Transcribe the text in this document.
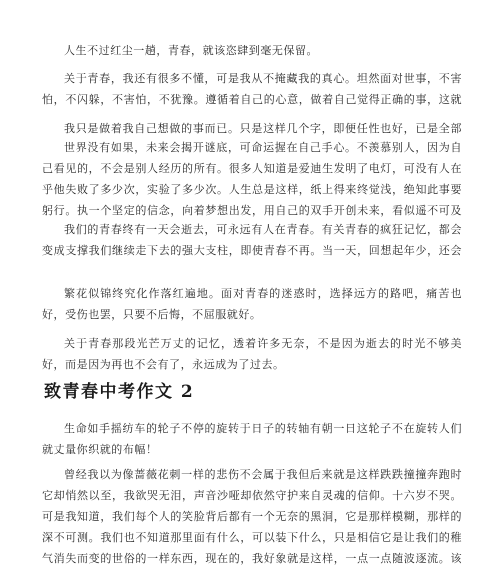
人生不过红尘一趟，青春，就该恣肆到毫无保留。

关于青春，我还有很多不懂，可是我从不掩藏我的真心。坦然面对世事，不害怕，不闪躲，不害怕，不犹豫。遵循着自己的心意，做着自己觉得正确的事，这就

我只是做着我自己想做的事而已。只是这样几个字，即便任性也好，已是全部

世界没有如果，未来会揭开谜底，可命运握在自己手心。不羡慕别人，因为自己看见的，不会是别人经历的所有。很多人知道是爱迪生发明了电灯，可没有人在乎他失败了多少次，实验了多少次。人生总是这样，纸上得来终觉浅，绝知此事要躬行。执一个坚定的信念，向着梦想出发，用自己的双手开创未来，看似遥不可及

我们的青春终有一天会逝去，可永远有人在青春。有关青春的疯狂记忆，都会变成支撑我们继续走下去的强大支柱，即使青春不再。当一天，回想起年少，还会

繁花似锦终究化作落红遍地。面对青春的迷惑时，选择远方的路吧，痛苦也好，受伤也罢，只要不后悔，不屈服就好。

关于青春那段光芒万丈的记忆，透着许多无奈，不是因为逝去的时光不够美好，而是因为再也不会有了，永远成为了过去。

致青春中考作文 2

生命如手摇纺车的轮子不停的旋转于日子的转轴有朝一日这轮子不在旋转人们就丈量你织就的布幅！

曾经我以为像蔷薇花刺一样的悲伤不会属于我但后来就是这样跌跌撞撞奔跑时它却悄然以至，我欲哭无泪，声音沙哑却依然守护来自灵魂的信仰。十六岁不哭。可是我知道，我们每个人的笑脸背后都有一个无奈的黑洞，它是那样模糊，那样的深不可测。我们也不知道那里面有什么，可以装下什么，只是相信它是让我们的稚气消失而变的世俗的一样东西，现在的，我好象就是这样，一点一点随波逐流。该
